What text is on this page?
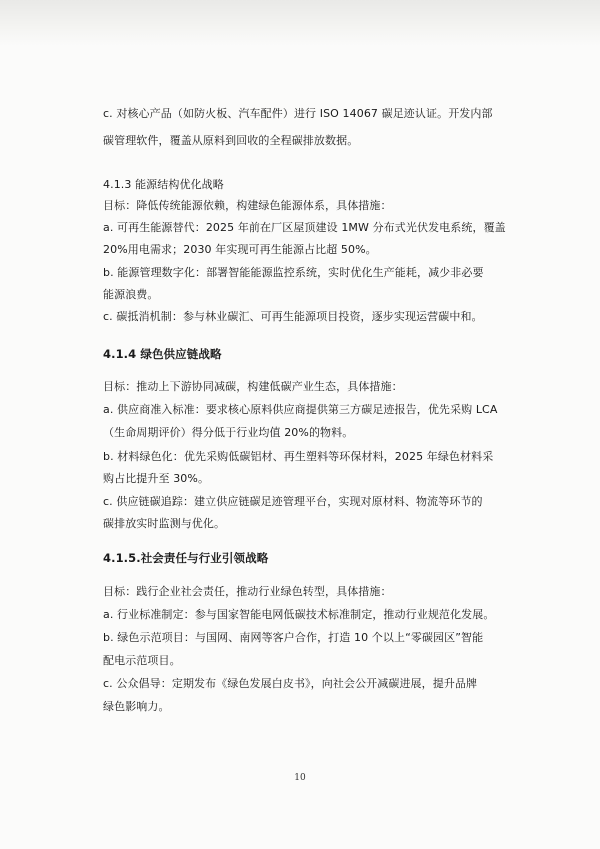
c. 对核心产品（如防火板、汽车配件）进行 ISO 14067 碳足迹认证。开发内部
碳管理软件，覆盖从原料到回收的全程碳排放数据。
4.1.3 能源结构优化战略
目标：降低传统能源依赖，构建绿色能源体系，具体措施：
a. 可再生能源替代：2025 年前在厂区屋顶建设 1MW 分布式光伏发电系统，覆盖
20%用电需求；2030 年实现可再生能源占比超 50%。
b. 能源管理数字化：部署智能能源监控系统，实时优化生产能耗，减少非必要
能源浪费。
c. 碳抵消机制：参与林业碳汇、可再生能源项目投资，逐步实现运营碳中和。
4.1.4 绿色供应链战略
目标：推动上下游协同减碳，构建低碳产业生态，具体措施：
a. 供应商准入标准：要求核心原料供应商提供第三方碳足迹报告，优先采购 LCA
（生命周期评价）得分低于行业均值 20%的物料。
b. 材料绿色化：优先采购低碳铝材、再生塑料等环保材料，2025 年绿色材料采
购占比提升至 30%。
c. 供应链碳追踪：建立供应链碳足迹管理平台，实现对原材料、物流等环节的
碳排放实时监测与优化。
4.1.5.社会责任与行业引领战略
目标：践行企业社会责任，推动行业绿色转型，具体措施：
a. 行业标准制定：参与国家智能电网低碳技术标准制定，推动行业规范化发展。
b. 绿色示范项目：与国网、南网等客户合作，打造 10 个以上“零碳园区”智能
配电示范项目。
c. 公众倡导：定期发布《绿色发展白皮书》，向社会公开减碳进展，提升品牌
绿色影响力。
10
